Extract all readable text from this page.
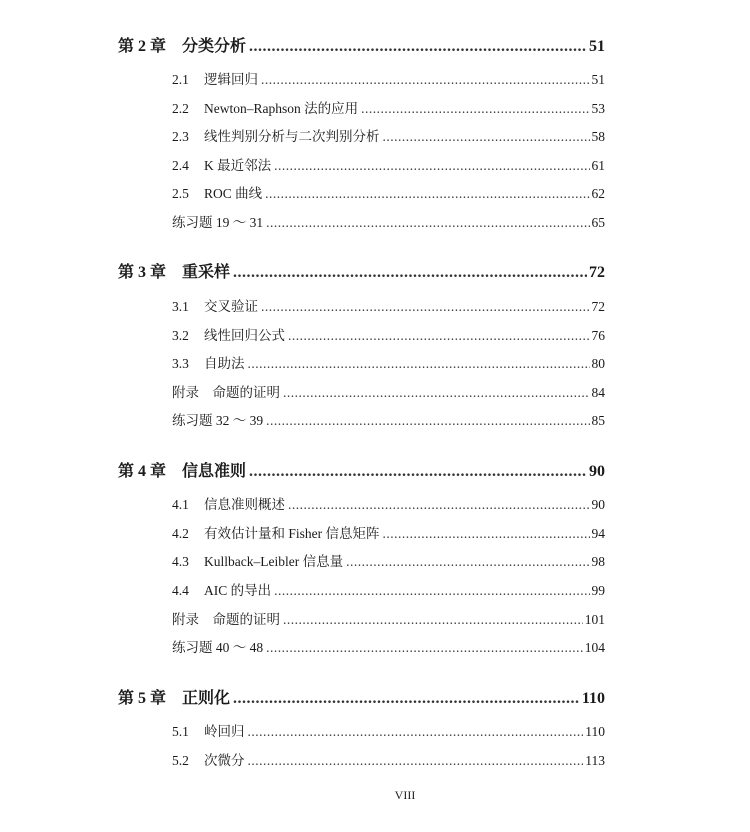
第 2 章 分类分析 .....	51
2.1	逻辑回归 .....	51
2.2	Newton–Raphson 法的应用 .....	53
2.3	线性判别分析与二次判别分析 .....	58
2.4	K 最近邻法 .....	61
2.5	ROC 曲线 .....	62
练习题 19 ～ 31 .....	65
第 3 章 重采样 .....	72
3.1	交叉验证 .....	72
3.2	线性回归公式 .....	76
3.3	自助法 .....	80
附录　命题的证明 .....	84
练习题 32 ～ 39 .....	85
第 4 章 信息准则 .....	90
4.1	信息准则概述 .....	90
4.2	有效估计量和 Fisher 信息矩阵 .....	94
4.3	Kullback–Leibler 信息量 .....	98
4.4	AIC 的导出 .....	99
附录　命题的证明 .....	101
练习题 40 ～ 48 .....	104
第 5 章 正则化 .....	110
5.1	岭回归 .....	110
5.2	次微分 .....	113
VIII
